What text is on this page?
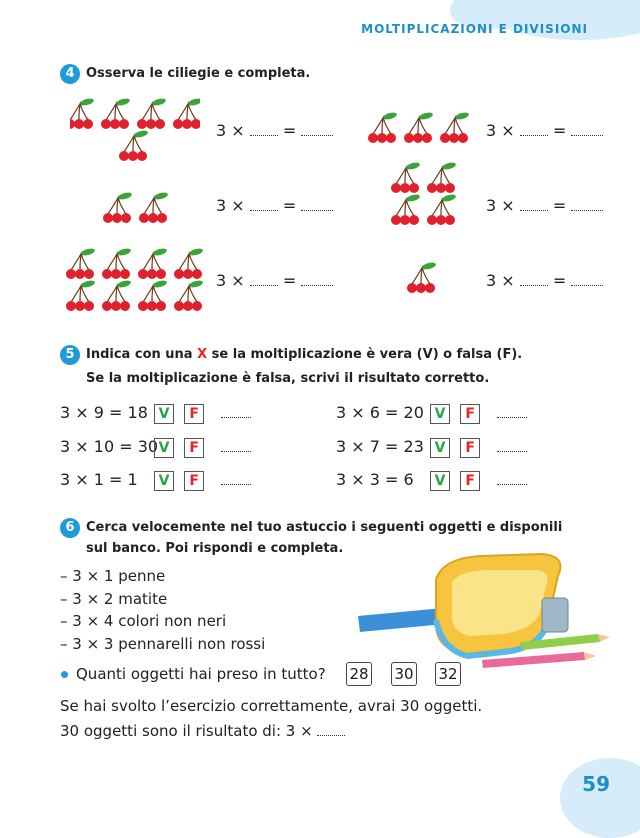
MOLTIPLICAZIONI E DIVISIONI
4 Osserva le ciliegie e completa.
3 × =	3 × =
3 × =	3 × =
3 × =	3 × =
5 Indica con una X se la moltiplicazione è vera (V) o falsa (F).
Se la moltiplicazione è falsa, scrivi il risultato corretto.
3 × 9 = 18 V F	3 × 6 = 20 V F
3 × 10 = 30 V F	3 × 7 = 23 V F
3 × 1 = 1 V F	3 × 3 = 6 V F
6 Cerca velocemente nel tuo astuccio i seguenti oggetti e disponili
sul banco. Poi rispondi e completa.
– 3 × 1 penne
– 3 × 2 matite
– 3 × 4 colori non neri
– 3 × 3 pennarelli non rossi
Quanti oggetti hai preso in tutto? 28 30 32
Se hai svolto l’esercizio correttamente, avrai 30 oggetti.
30 oggetti sono il risultato di: 3 ×
59
